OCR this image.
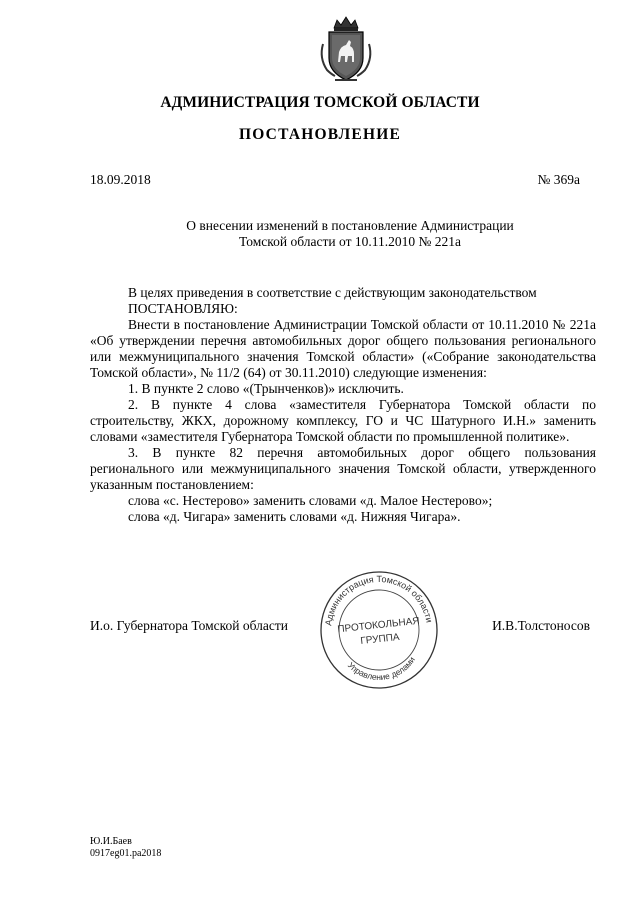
АДМИНИСТРАЦИЯ ТОМСКОЙ ОБЛАСТИ
ПОСТАНОВЛЕНИЕ
18.09.2018	№ 369а
О внесении изменений в постановление Администрации
Томской области от 10.11.2010 № 221а

В целях приведения в соответствие с действующим законодательством

ПОСТАНОВЛЯЮ:

Внести в постановление Администрации Томской области от 10.11.2010 № 221а «Об утверждении перечня автомобильных дорог общего пользования регионального или межмуниципального значения Томской области» («Собрание законодательства Томской области», № 11/2 (64) от 30.11.2010) следующие изменения:

1. В пункте 2 слово «(Трынченков)» исключить.

2. В пункте 4 слова «заместителя Губернатора Томской области по строительству, ЖКХ, дорожному комплексу, ГО и ЧС Шатурного И.Н.» заменить словами «заместителя Губернатора Томской области по промышленной политике».

3. В пункте 82 перечня автомобильных дорог общего пользования регионального или межмуниципального значения Томской области, утвержденного указанным постановлением:

слова «с. Нестерово» заменить словами «д. Малое Нестерово»;

слова «д. Чигара» заменить словами «д. Нижняя Чигара».

И.о. Губернатора Томской области	И.В.Толстоносов
Администрация Томской области
Управление делами
ПРОТОКОЛЬНАЯ
ГРУППА
Ю.И.Баев
0917eg01.pa2018
